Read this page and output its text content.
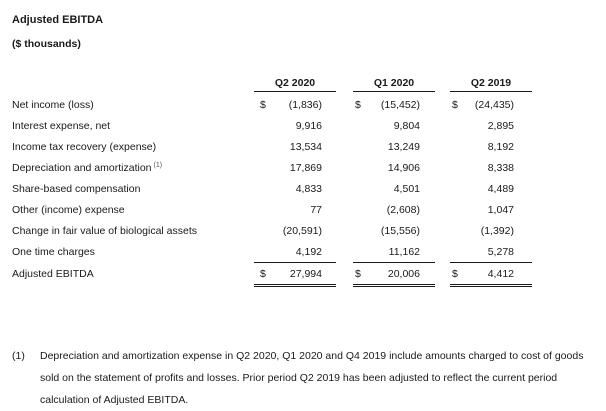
Adjusted EBITDA
($ thousands)
Q2 2020	Q1 2020	Q2 2019
Net income (loss)	$	(1,836)	$	(15,452)	$	(24,435)
Interest expense, net	9,916	9,804	2,895
Income tax recovery (expense)	13,534	13,249	8,192
Depreciation and amortization $^{(1)}$	17,869	14,906	8,338
Share-based compensation	4,833	4,501	4,489
Other (income) expense	77	(2,608)	1,047
Change in fair value of biological assets	(20,591)	(15,556)	(1,392)
One time charges	4,192	11,162	5,278
Adjusted EBITDA	$	27,994	$	20,006	$	4,412
(1) Depreciation and amortization expense in Q2 2020, Q1 2020 and Q4 2019 include amounts charged to cost of goods sold on the statement of profits and losses. Prior period Q2 2019 has been adjusted to reflect the current period calculation of Adjusted EBITDA.
